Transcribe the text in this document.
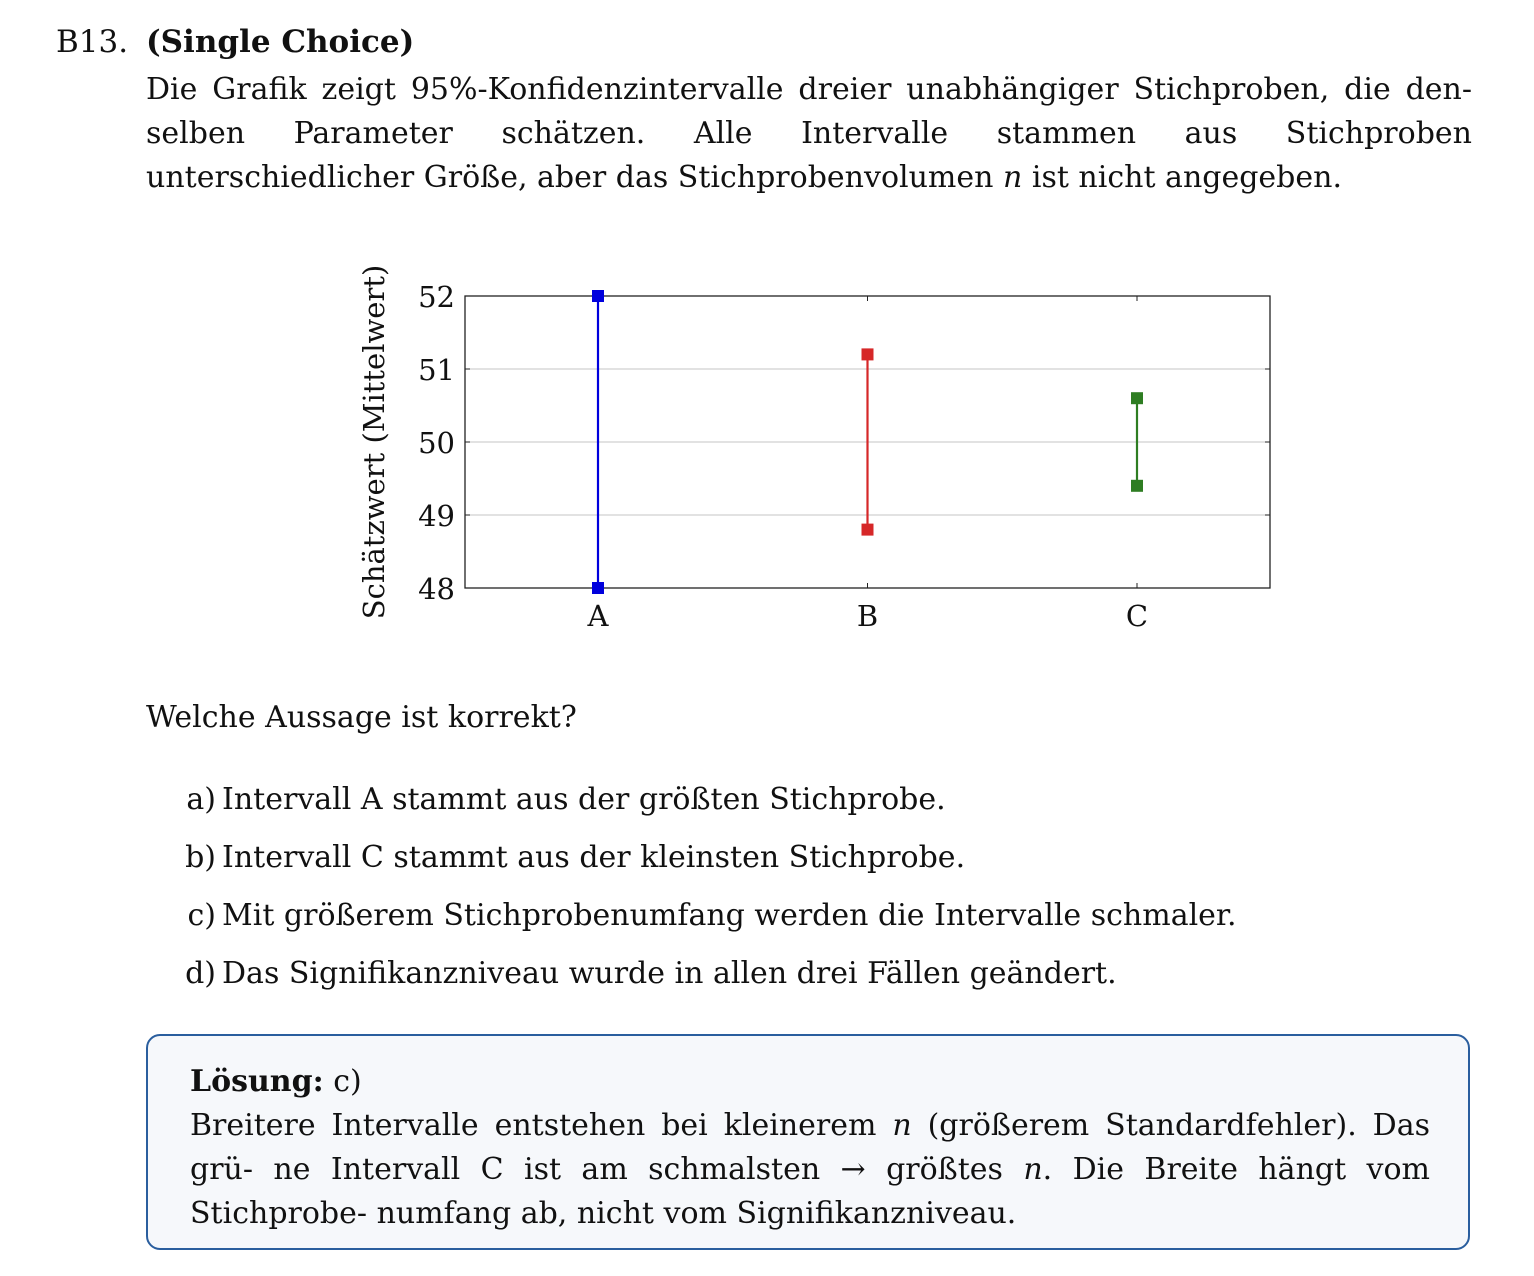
B13. (Single Choice)
Die Grafik zeigt 95%-Konfidenzintervalle dreier unabhängiger Stichproben, die den- selben Parameter schätzen. Alle Intervalle stammen aus Stichproben unterschiedlicher Größe, aber das Stichprobenvolumen n ist nicht angegeben.
48
49
50
51
52
A	B	C
Schätzwert (Mittelwert)
Welche Aussage ist korrekt?
a) Intervall A stammt aus der größten Stichprobe.
b) Intervall C stammt aus der kleinsten Stichprobe.
c) Mit größerem Stichprobenumfang werden die Intervalle schmaler.
d) Das Signifikanzniveau wurde in allen drei Fällen geändert.
Lösung: c)
Breitere Intervalle entstehen bei kleinerem n (größerem Standardfehler). Das grü- ne Intervall C ist am schmalsten → größtes n. Die Breite hängt vom Stichprobe- numfang ab, nicht vom Signifikanzniveau.
